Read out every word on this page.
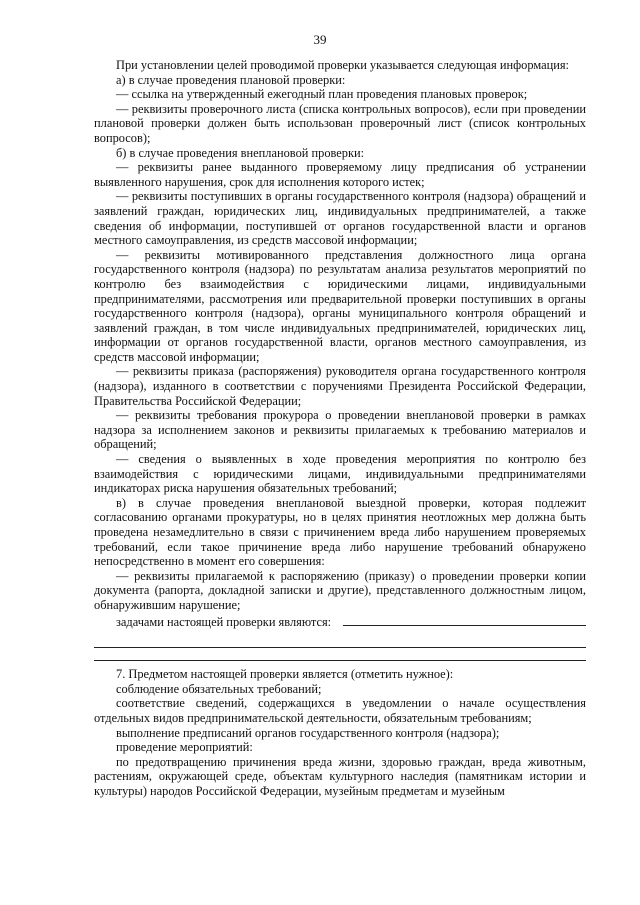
39

При установлении целей проводимой проверки указывается следующая информация:

а) в случае проведения плановой проверки:

— ссылка на утвержденный ежегодный план проведения плановых проверок;

— реквизиты проверочного листа (списка контрольных вопросов), если при проведении плановой проверки должен быть использован проверочный лист (список контрольных вопросов);

б) в случае проведения внеплановой проверки:

— реквизиты ранее выданного проверяемому лицу предписания об устранении выявленного нарушения, срок для исполнения которого истек;

— реквизиты поступивших в органы государственного контроля (надзора) обращений и заявлений граждан, юридических лиц, индивидуальных предпринимателей, а также сведения об информации, поступившей от органов государственной власти и органов местного самоуправления, из средств массовой информации;

— реквизиты мотивированного представления должностного лица органа государственного контроля (надзора) по результатам анализа результатов мероприятий по контролю без взаимодействия с юридическими лицами, индивидуальными предпринимателями, рассмотрения или предварительной проверки поступивших в органы государственного контроля (надзора), органы муниципального контроля обращений и заявлений граждан, в том числе индивидуальных предпринимателей, юридических лиц, информации от органов государственной власти, органов местного самоуправления, из средств массовой информации;

— реквизиты приказа (распоряжения) руководителя органа государственного контроля (надзора), изданного в соответствии с поручениями Президента Российской Федерации, Правительства Российской Федерации;

— реквизиты требования прокурора о проведении внеплановой проверки в рамках надзора за исполнением законов и реквизиты прилагаемых к требованию материалов и обращений;

— сведения о выявленных в ходе проведения мероприятия по контролю без взаимодействия с юридическими лицами, индивидуальными предпринимателями индикаторах риска нарушения обязательных требований;

в) в случае проведения внеплановой выездной проверки, которая подлежит согласованию органами прокуратуры, но в целях принятия неотложных мер должна быть проведена незамедлительно в связи с причинением вреда либо нарушением проверяемых требований, если такое причинение вреда либо нарушение требований обнаружено непосредственно в момент его совершения:

— реквизиты прилагаемой к распоряжению (приказу) о проведении проверки копии документа (рапорта, докладной записки и другие), представленного должностным лицом, обнаружившим нарушение;

задачами настоящей проверки являются:

7. Предметом настоящей проверки является (отметить нужное):

соблюдение обязательных требований;

соответствие сведений, содержащихся в уведомлении о начале осуществления отдельных видов предпринимательской деятельности, обязательным требованиям;

выполнение предписаний органов государственного контроля (надзора);

проведение мероприятий:

по предотвращению причинения вреда жизни, здоровью граждан, вреда животным, растениям, окружающей среде, объектам культурного наследия (памятникам истории и культуры) народов Российской Федерации, музейным предметам и музейным
